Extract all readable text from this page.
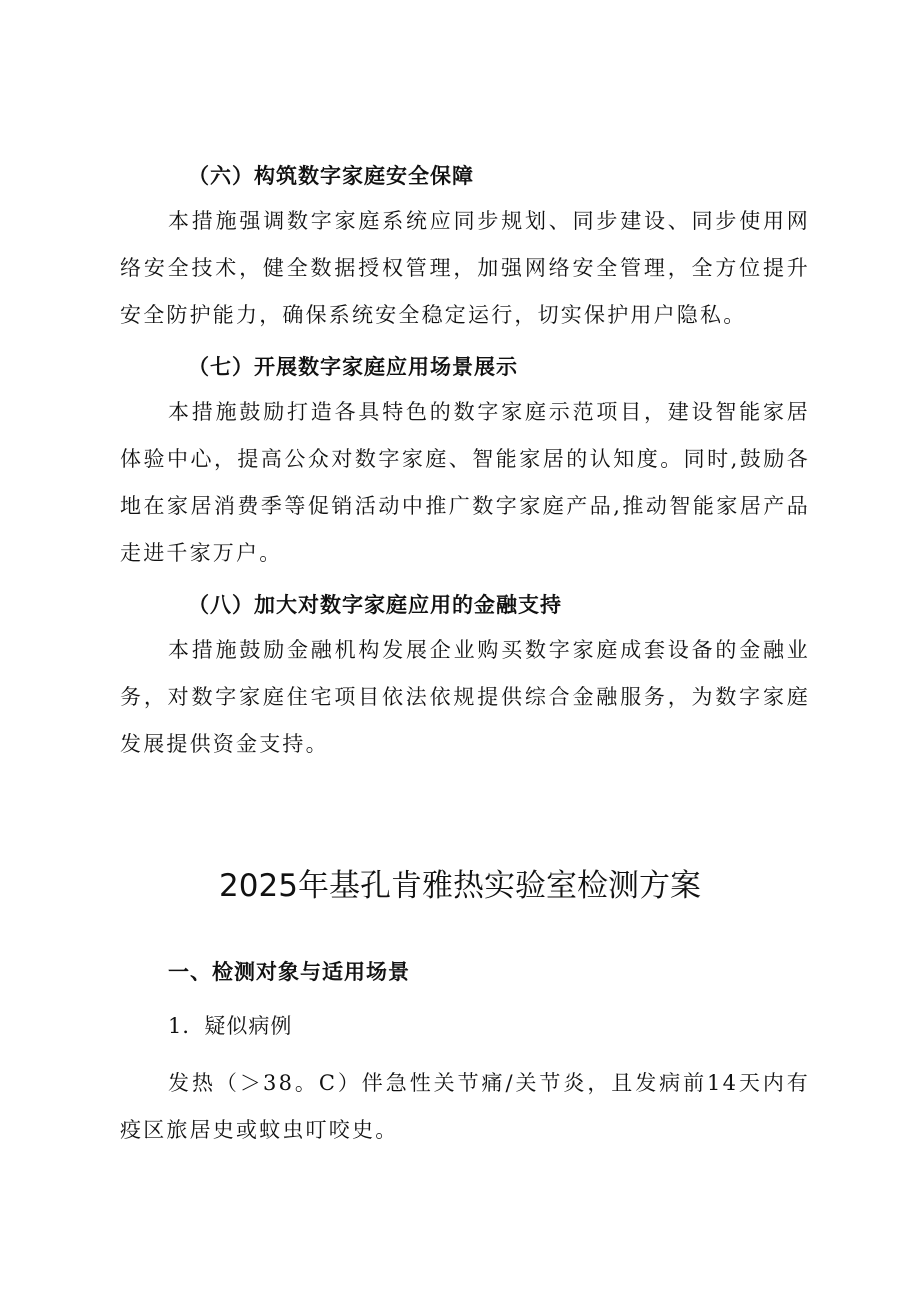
（六）构筑数字家庭安全保障

本措施强调数字家庭系统应同步规划、同步建设、同步使用网络安全技术，健全数据授权管理，加强网络安全管理，全方位提升安全防护能力，确保系统安全稳定运行，切实保护用户隐私。

（七）开展数字家庭应用场景展示

本措施鼓励打造各具特色的数字家庭示范项目，建设智能家居体验中心，提高公众对数字家庭、智能家居的认知度。同时,鼓励各地在家居消费季等促销活动中推广数字家庭产品,推动智能家居产品走进千家万户。

（八）加大对数字家庭应用的金融支持

本措施鼓励金融机构发展企业购买数字家庭成套设备的金融业务，对数字家庭住宅项目依法依规提供综合金融服务，为数字家庭发展提供资金支持。

2025年基孔肯雅热实验室检测方案
一、检测对象与适用场景
1．疑似病例

发热（＞38。C）伴急性关节痛/关节炎，且发病前14天内有疫区旅居史或蚊虫叮咬史。
